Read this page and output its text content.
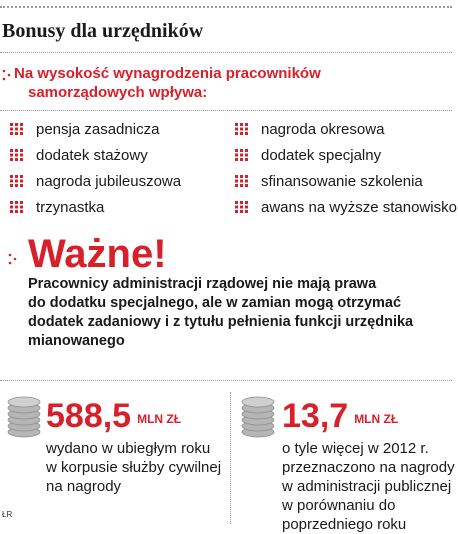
Bonusy dla urzędników
Na wysokość wynagrodzenia pracowników
samorządowych wpływa:
pensja zasadnicza
dodatek stażowy
nagroda jubileuszowa
trzynastka
nagroda okresowa
dodatek specjalny
sfinansowanie szkolenia
awans na wyższe stanowisko
Ważne!
Pracownicy administracji rządowej nie mają prawa
do dodatku specjalnego, ale w zamian mogą otrzymać
dodatek zadaniowy i z tytułu pełnienia funkcji urzędnika
mianowanego
588,5 MLN ZŁ
wydano w ubiegłym roku
w korpusie służby cywilnej
na nagrody
13,7 MLN ZŁ
o tyle więcej w 2012 r.
przeznaczono na nagrody
w administracji publicznej
w porównaniu do
poprzedniego roku
ŁR
